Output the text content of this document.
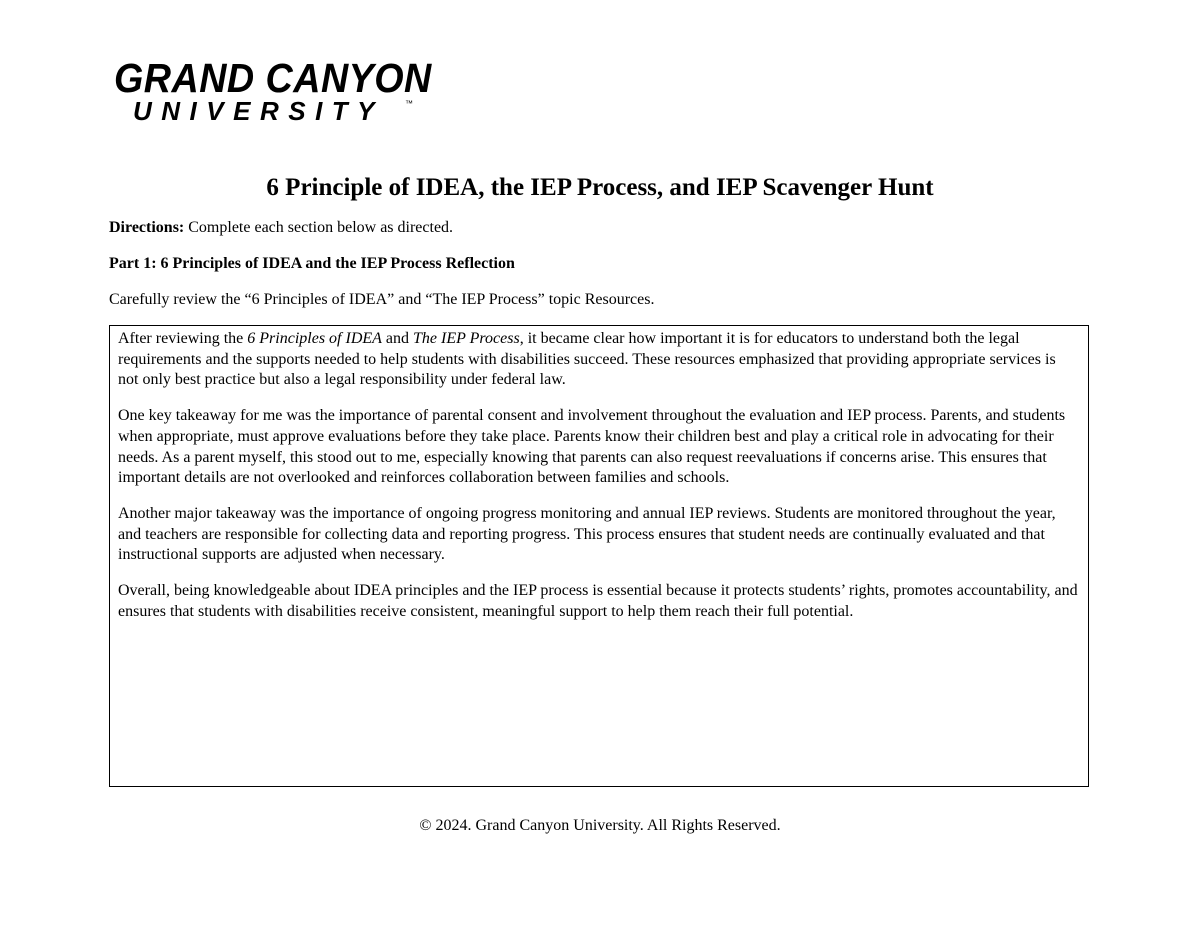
GRAND CANYON
UNIVERSITY	™
6 Principle of IDEA, the IEP Process, and IEP Scavenger Hunt
Directions: Complete each section below as directed.
Part 1: 6 Principles of IDEA and the IEP Process Reflection
Carefully review the “6 Principles of IDEA” and “The IEP Process” topic Resources.

After reviewing the 6 Principles of IDEA and The IEP Process, it became clear how important it is for educators to understand both the legal requirements and the supports needed to help students with disabilities succeed. These resources emphasized that providing appropriate services is not only best practice but also a legal responsibility under federal law.

One key takeaway for me was the importance of parental consent and involvement throughout the evaluation and IEP process. Parents, and students when appropriate, must approve evaluations before they take place. Parents know their children best and play a critical role in advocating for their needs. As a parent myself, this stood out to me, especially knowing that parents can also request reevaluations if concerns arise. This ensures that important details are not overlooked and reinforces collaboration between families and schools.

Another major takeaway was the importance of ongoing progress monitoring and annual IEP reviews. Students are monitored throughout the year, and teachers are responsible for collecting data and reporting progress. This process ensures that student needs are continually evaluated and that instructional supports are adjusted when necessary.

Overall, being knowledgeable about IDEA principles and the IEP process is essential because it protects students’ rights, promotes accountability, and ensures that students with disabilities receive consistent, meaningful support to help them reach their full potential.

© 2024. Grand Canyon University. All Rights Reserved.
